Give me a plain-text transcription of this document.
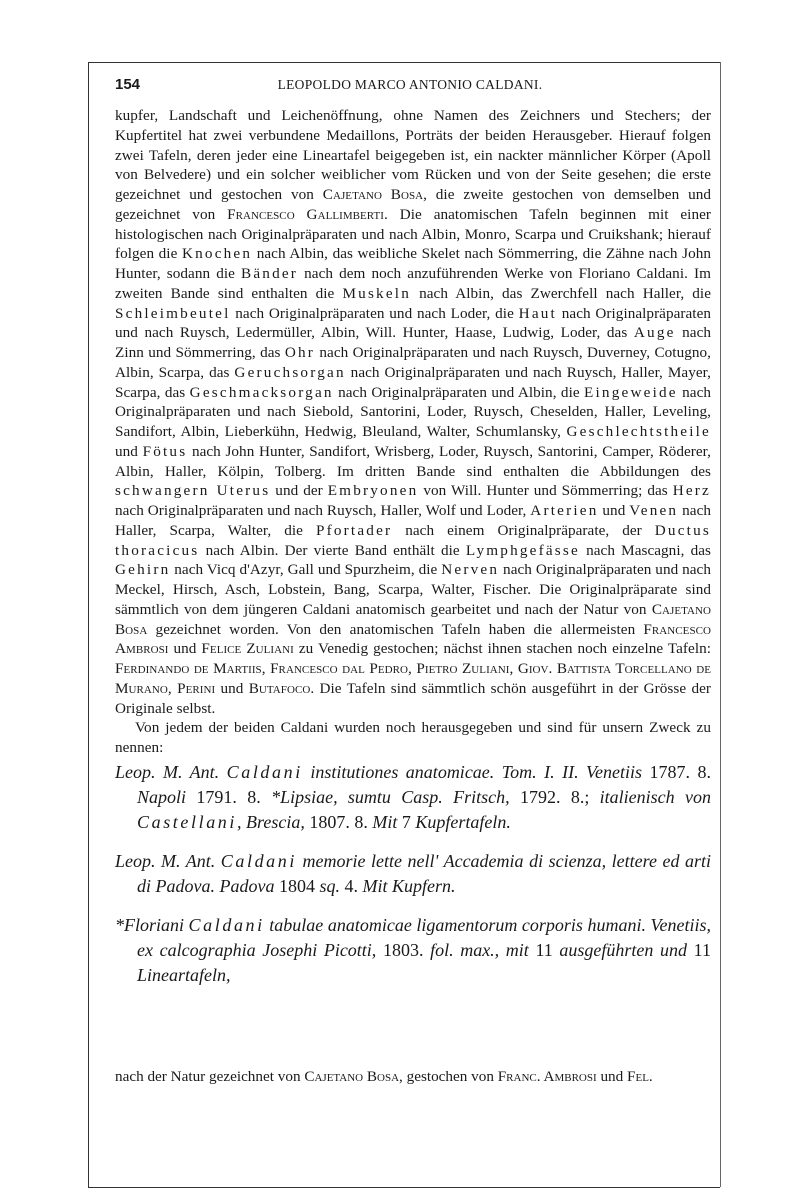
154	LEOPOLDO MARCO ANTONIO CALDANI.

kupfer, Landschaft und Leichenöffnung, ohne Namen des Zeichners und Stechers; der Kupfertitel hat zwei verbundene Medaillons, Porträts der beiden Herausgeber. Hierauf folgen zwei Tafeln, deren jeder eine Lineartafel beigegeben ist, ein nackter männlicher Körper (Apoll von Belvedere) und ein solcher weiblicher vom Rücken und von der Seite gesehen; die erste gezeichnet und gestochen von Cajetano Bosa, die zweite gestochen von demselben und gezeichnet von Francesco Gallimberti. Die anatomischen Tafeln beginnen mit einer histologischen nach Originalpräparaten und nach Albin, Monro, Scarpa und Cruikshank; hierauf folgen die Knochen nach Albin, das weibliche Skelet nach Sömmerring, die Zähne nach John Hunter, sodann die Bänder nach dem noch anzuführenden Werke von Floriano Caldani. Im zweiten Bande sind enthalten die Muskeln nach Albin, das Zwerchfell nach Haller, die Schleimbeutel nach Originalpräparaten und nach Loder, die Haut nach Originalpräparaten und nach Ruysch, Ledermüller, Albin, Will. Hunter, Haase, Ludwig, Loder, das Auge nach Zinn und Sömmerring, das Ohr nach Originalpräparaten und nach Ruysch, Duverney, Cotugno, Albin, Scarpa, das Geruchsorgan nach Originalpräparaten und nach Ruysch, Haller, Mayer, Scarpa, das Geschmacksorgan nach Originalpräparaten und Albin, die Eingeweide nach Originalpräparaten und nach Siebold, Santorini, Loder, Ruysch, Cheselden, Haller, Leveling, Sandifort, Albin, Lieberkühn, Hedwig, Bleuland, Walter, Schumlansky, Geschlechtstheile und Fötus nach John Hunter, Sandifort, Wrisberg, Loder, Ruysch, Santorini, Camper, Röderer, Albin, Haller, Kölpin, Tolberg. Im dritten Bande sind enthalten die Abbildungen des schwangern Uterus und der Embryonen von Will. Hunter und Sömmerring; das Herz nach Originalpräparaten und nach Ruysch, Haller, Wolf und Loder, Arterien und Venen nach Haller, Scarpa, Walter, die Pfortader nach einem Originalpräparate, der Ductus thoracicus nach Albin. Der vierte Band enthält die Lymphgefässe nach Mascagni, das Gehirn nach Vicq d'Azyr, Gall und Spurzheim, die Nerven nach Originalpräparaten und nach Meckel, Hirsch, Asch, Lobstein, Bang, Scarpa, Walter, Fischer. Die Originalpräparate sind sämmtlich von dem jüngeren Caldani anatomisch gearbeitet und nach der Natur von Cajetano Bosa gezeichnet worden. Von den anatomischen Tafeln haben die allermeisten Francesco Ambrosi und Felice Zuliani zu Venedig gestochen; nächst ihnen stachen noch einzelne Tafeln: Ferdinando de Martiis, Francesco dal Pedro, Pietro Zuliani, Giov. Battista Torcellano de Murano, Perini und Butafoco. Die Tafeln sind sämmtlich schön ausgeführt in der Grösse der Originale selbst.

Von jedem der beiden Caldani wurden noch herausgegeben und sind für unsern Zweck zu nennen:

Leop. M. Ant. Caldani institutiones anatomicae. Tom. I. II. Venetiis 1787. 8. Napoli 1791. 8. *Lipsiae, sumtu Casp. Fritsch, 1792. 8.; italienisch von Castellani, Brescia, 1807. 8. Mit 7 Kupfertafeln.

Leop. M. Ant. Caldani memorie lette nell' Accademia di scienza, lettere ed arti di Padova. Padova 1804 sq. 4. Mit Kupfern.

*Floriani Caldani tabulae anatomicae ligamentorum corporis humani. Venetiis, ex calcographia Josephi Picotti, 1803. fol. max., mit 11 ausgeführten und 11 Lineartafeln,

nach der Natur gezeichnet von Cajetano Bosa, gestochen von Franc. Ambrosi und Fel.
